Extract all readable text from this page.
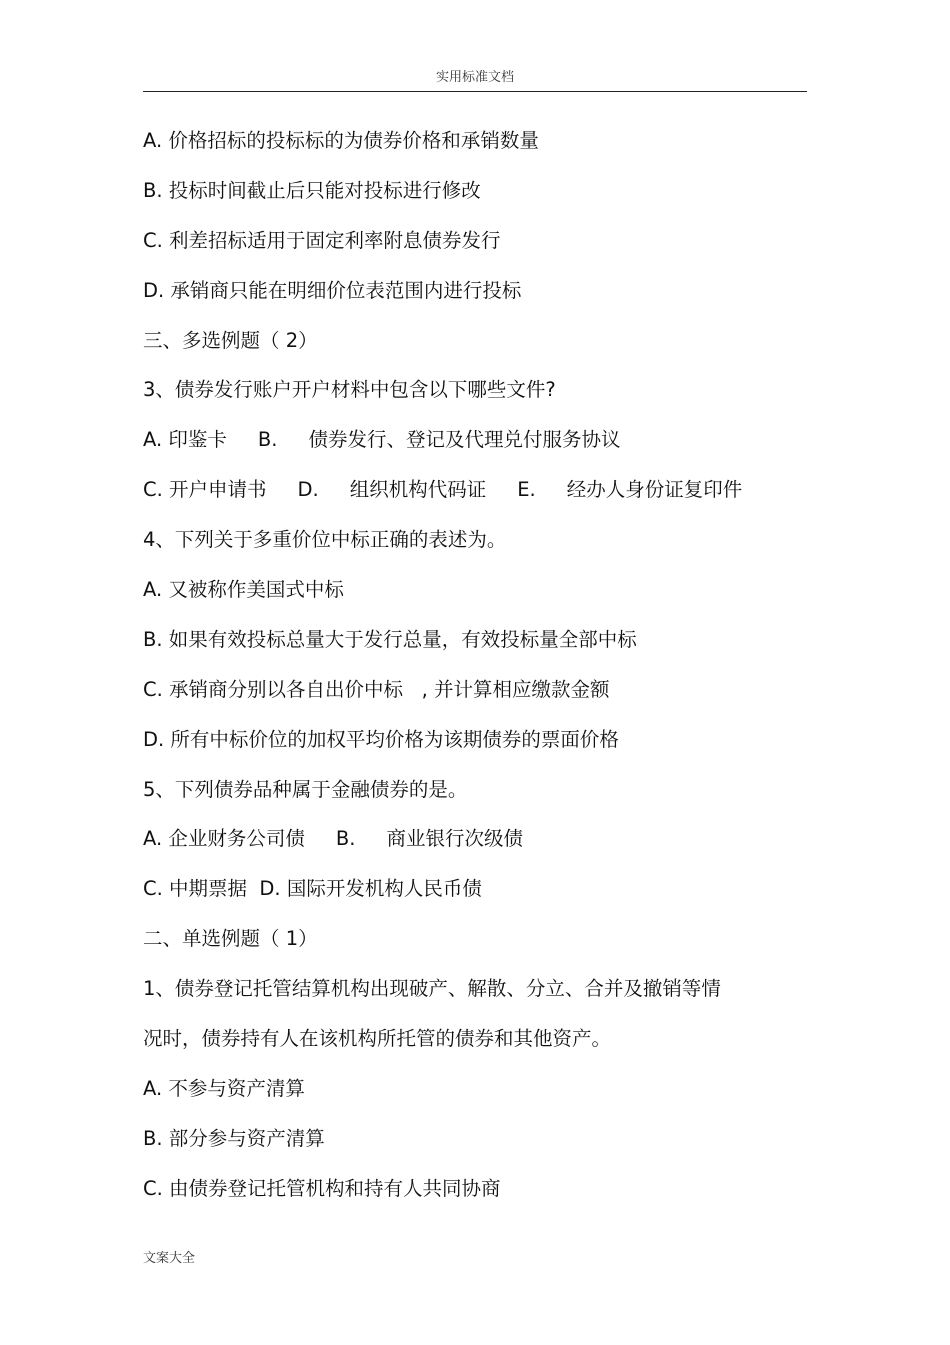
实用标准文档
A. 价格招标的投标标的为债券价格和承销数量
B. 投标时间截止后只能对投标进行修改
C. 利差招标适用于固定利率附息债券发行
D. 承销商只能在明细价位表范围内进行投标
三、多选例题（ 2）
3、债券发行账户开户材料中包含以下哪些文件?
A. 印鉴卡     B.     债券发行、登记及代理兑付服务协议
C. 开户申请书     D.     组织机构代码证     E.     经办人身份证复印件
4、下列关于多重价位中标正确的表述为。
A. 又被称作美国式中标
B. 如果有效投标总量大于发行总量，有效投标量全部中标
C. 承销商分别以各自出价中标   , 并计算相应缴款金额
D. 所有中标价位的加权平均价格为该期债券的票面价格
5、下列债券品种属于金融债券的是。
A. 企业财务公司债     B.     商业银行次级债
C. 中期票据  D. 国际开发机构人民币债
二、单选例题（ 1）
1、债券登记托管结算机构出现破产、解散、分立、合并及撤销等情
况时，债券持有人在该机构所托管的债券和其他资产。
A. 不参与资产清算
B. 部分参与资产清算
C. 由债券登记托管机构和持有人共同协商
文案大全
